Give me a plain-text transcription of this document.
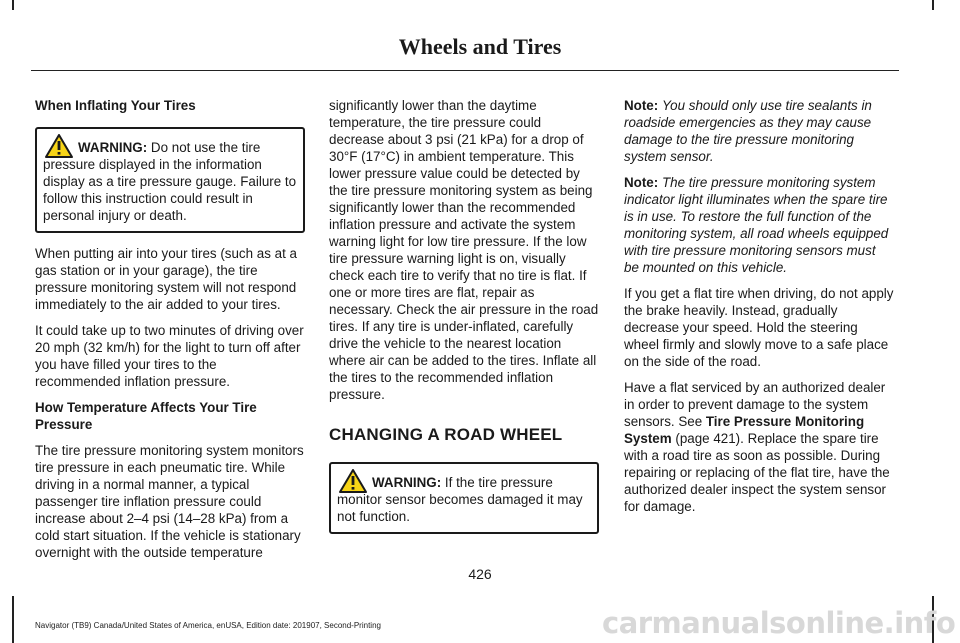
Wheels and Tires

When Inflating Your Tires

WARNING: Do not use the tire pressure displayed in the information display as a tire pressure gauge. Failure to follow this instruction could result in personal injury or death.

When putting air into your tires (such as at a gas station or in your garage), the tire pressure monitoring system will not respond immediately to the air added to your tires.

It could take up to two minutes of driving over 20 mph (32 km/h) for the light to turn off after you have filled your tires to the recommended inflation pressure.

How Temperature Affects Your Tire Pressure

The tire pressure monitoring system monitors tire pressure in each pneumatic tire. While driving in a normal manner, a typical passenger tire inflation pressure could increase about 2–4 psi (14–28 kPa) from a cold start situation. If the vehicle is stationary overnight with the outside temperature

significantly lower than the daytime temperature, the tire pressure could decrease about 3 psi (21 kPa) for a drop of 30°F (17°C) in ambient temperature. This lower pressure value could be detected by the tire pressure monitoring system as being significantly lower than the recommended inflation pressure and activate the system warning light for low tire pressure. If the low tire pressure warning light is on, visually check each tire to verify that no tire is flat. If one or more tires are flat, repair as necessary. Check the air pressure in the road tires. If any tire is under-inflated, carefully drive the vehicle to the nearest location where air can be added to the tires. Inflate all the tires to the recommended inflation pressure.

CHANGING A ROAD WHEEL
WARNING: If the tire pressure monitor sensor becomes damaged it may not function.

Note: You should only use tire sealants in roadside emergencies as they may cause damage to the tire pressure monitoring system sensor.

Note: The tire pressure monitoring system indicator light illuminates when the spare tire is in use. To restore the full function of the monitoring system, all road wheels equipped with tire pressure monitoring sensors must be mounted on this vehicle.

If you get a flat tire when driving, do not apply the brake heavily. Instead, gradually decrease your speed. Hold the steering wheel firmly and slowly move to a safe place on the side of the road.

Have a flat serviced by an authorized dealer in order to prevent damage to the system sensors. See Tire Pressure Monitoring System (page 421). Replace the spare tire with a road tire as soon as possible. During repairing or replacing of the flat tire, have the authorized dealer inspect the system sensor for damage.

426
Navigator (TB9) Canada/United States of America, enUSA, Edition date: 201907, Second-Printing	carmanualsonline.info
